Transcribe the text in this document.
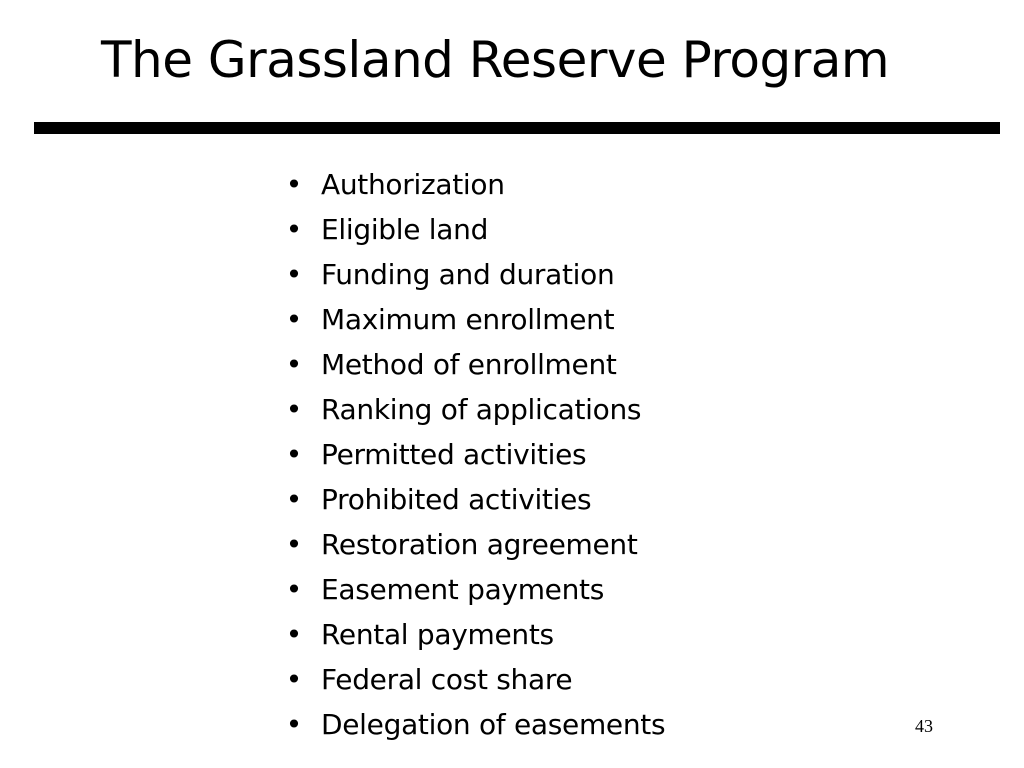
The Grassland Reserve Program
• Authorization
• Eligible land
• Funding and duration
• Maximum enrollment
• Method of enrollment
• Ranking of applications
• Permitted activities
• Prohibited activities
• Restoration agreement
• Easement payments
• Rental payments
• Federal cost share
• Delegation of easements	43
